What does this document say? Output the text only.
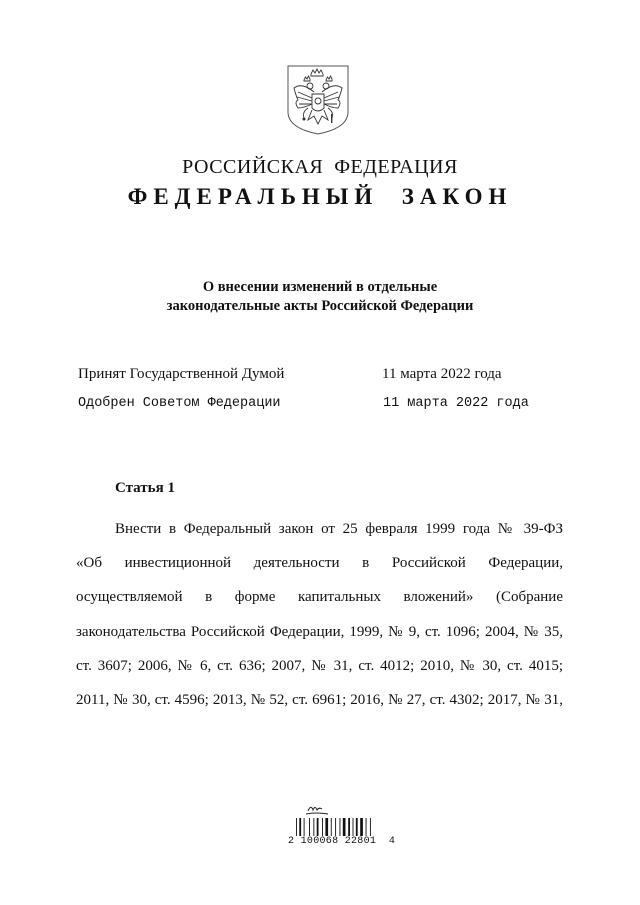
РОССИЙСКАЯ  ФЕДЕРАЦИЯ
ФЕДЕРАЛЬНЫЙ  ЗАКОН
О внесении изменений в отдельные
законодательные акты Российской Федерации
Принят Государственной Думой	11 марта 2022 года
Одобрен Советом Федерации	11 марта 2022 года
Статья 1
Внести в Федеральный закон от 25 февраля 1999 года № 39-ФЗ
«Об инвестиционной деятельности в Российской Федерации,
осуществляемой в форме капитальных вложений» (Собрание
законодательства Российской Федерации, 1999, № 9, ст. 1096; 2004, № 35,
ст. 3607; 2006, № 6, ст. 636; 2007, № 31, ст. 4012; 2010, № 30, ст. 4015;
2011, № 30, ст. 4596; 2013, № 52, ст. 6961; 2016, № 27, ст. 4302; 2017, № 31,
2 100068 22801  4
